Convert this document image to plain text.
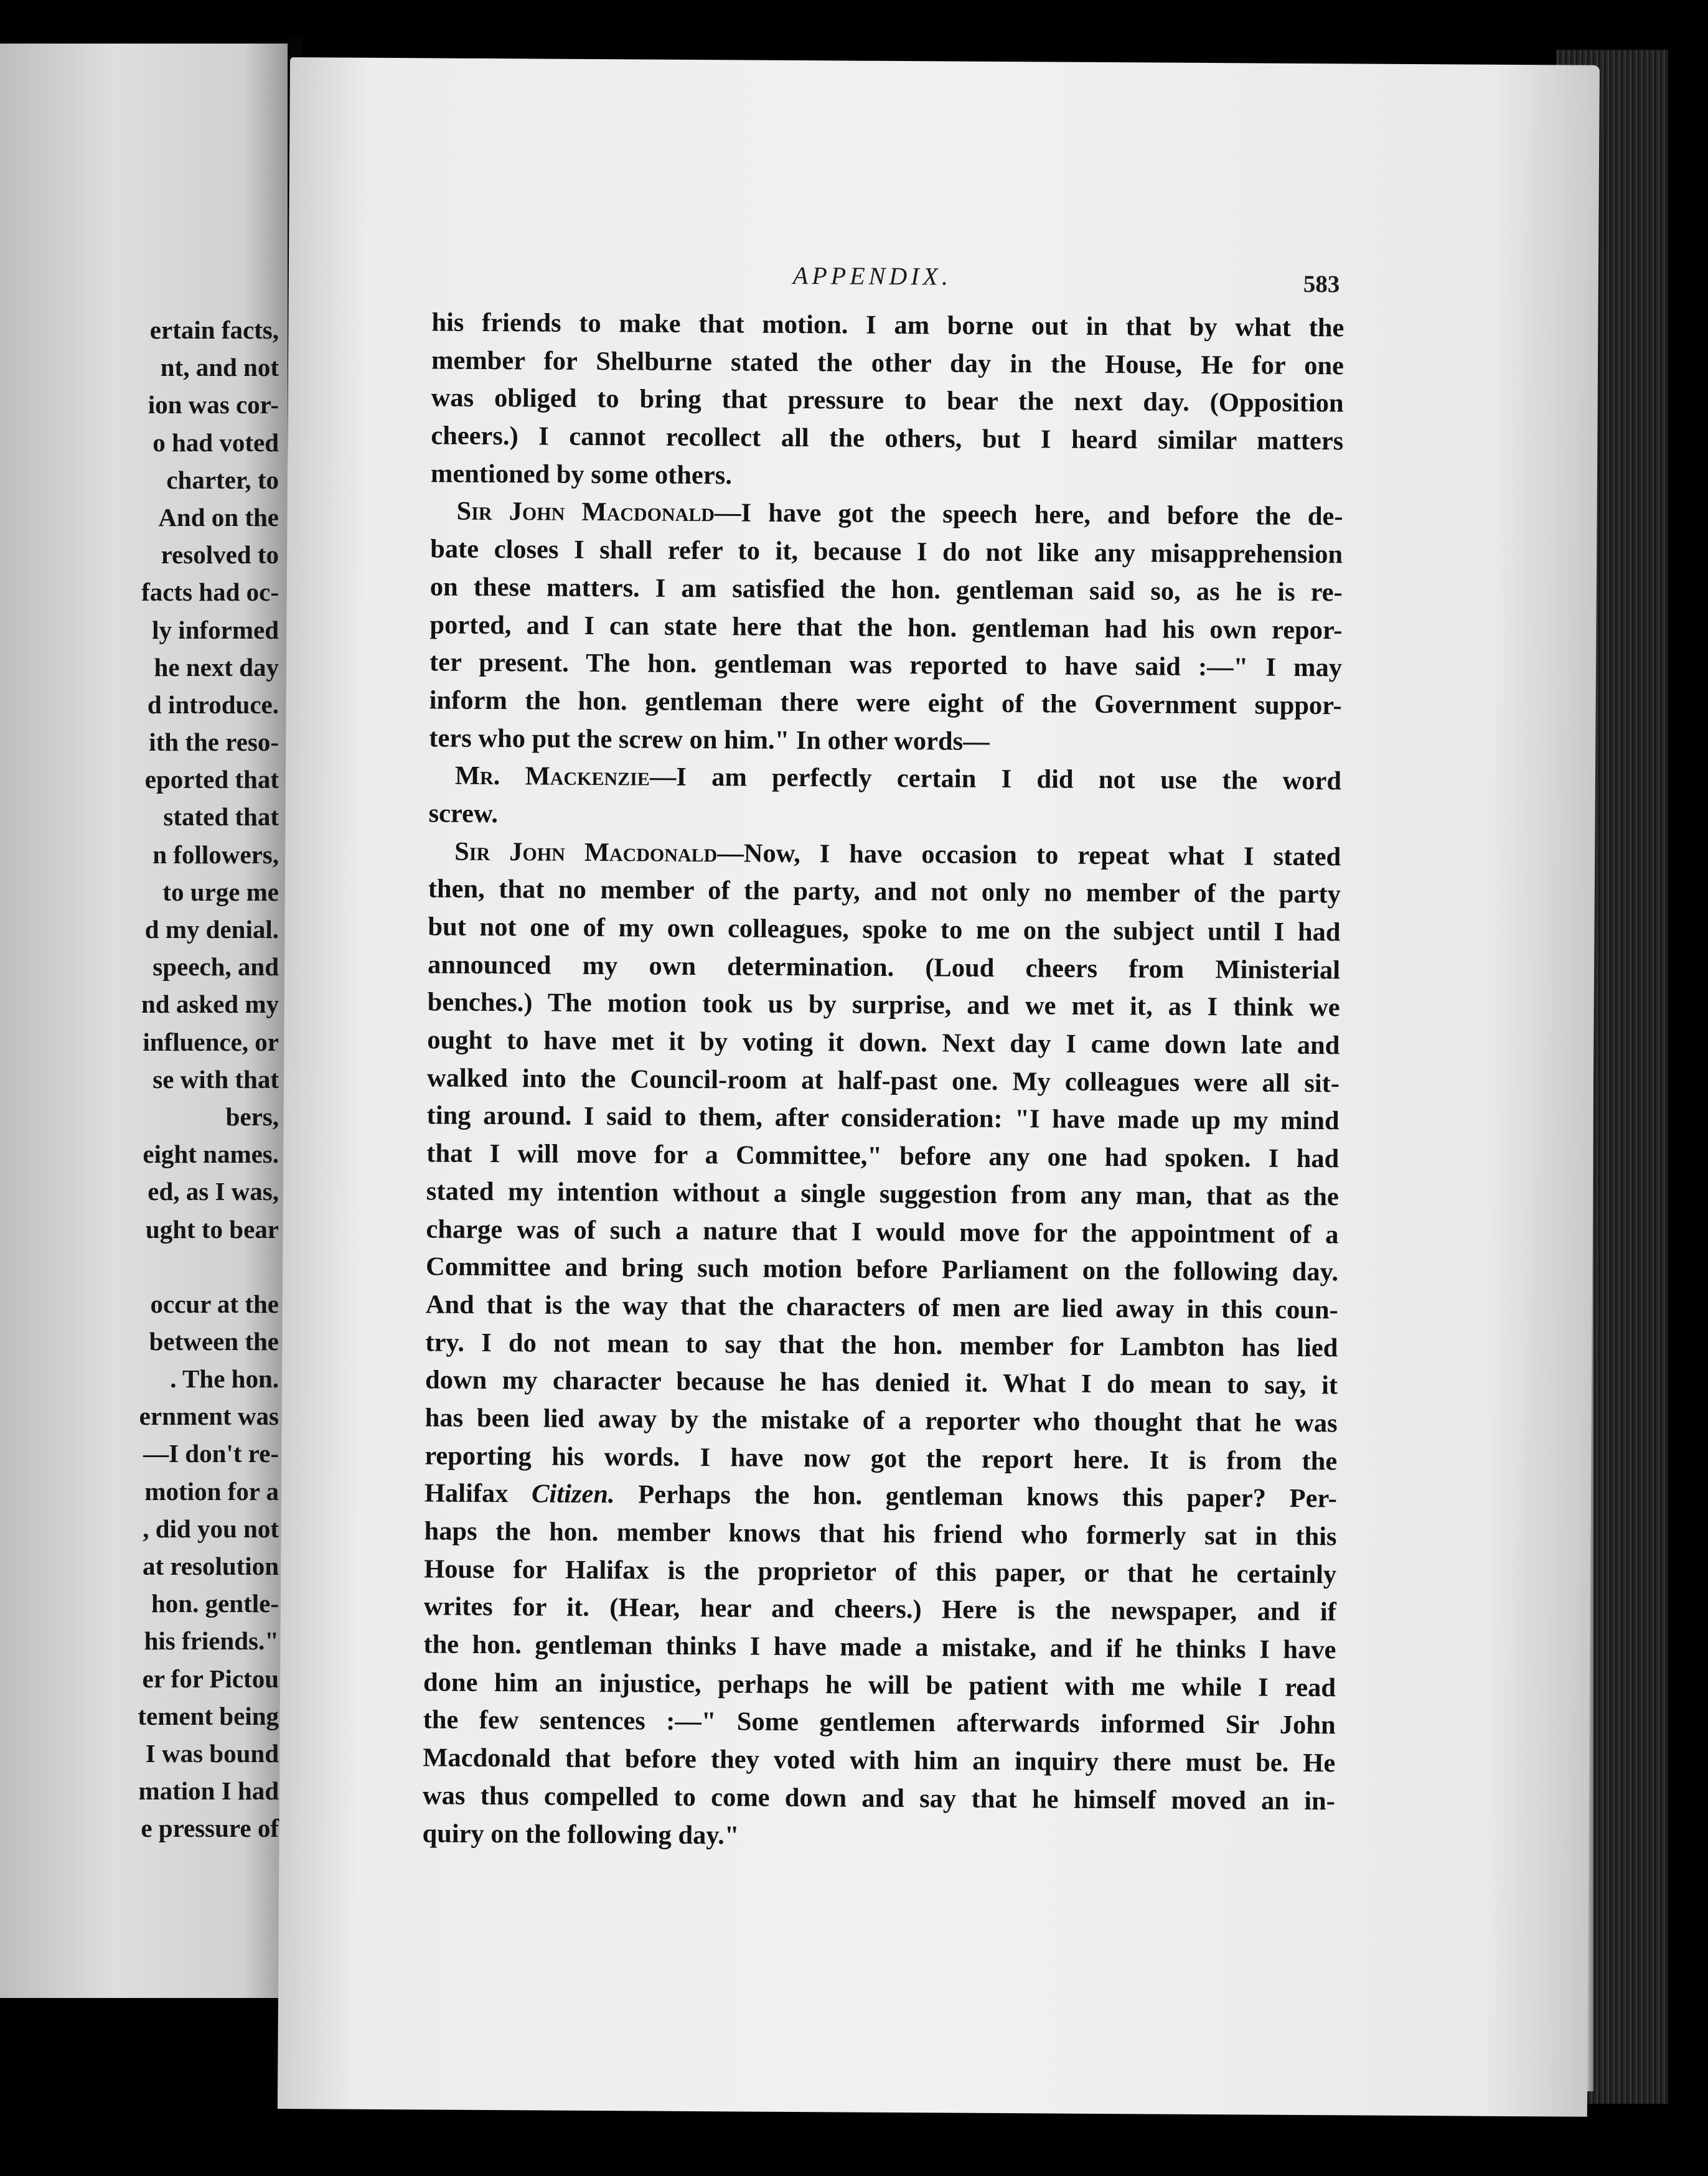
ertain facts,
nt, and not
ion was cor-
o had voted
charter, to
And on the
resolved to
facts had oc-
ly informed
he next day
d introduce.
ith the reso-
eported that
stated that
n followers,
to urge me
d my denial.
speech, and
nd asked my
influence, or
se with that
bers,
eight names.
ed, as I was,
ught to bear
occur at the
between the
. The hon.
ernment was
—I don't re-
motion for a
, did you not
at resolution
hon. gentle-
his friends."
er for Pictou
tement being
I was bound
mation I had
e pressure of
APPENDIX.	583
his friends to make that motion. I am borne out in that by what the
member for Shelburne stated the other day in the House, He for one
was obliged to bring that pressure to bear the next day. (Opposition
cheers.) I cannot recollect all the others, but I heard similar matters
mentioned by some others.
Sir John Macdonald—I have got the speech here, and before the de-
bate closes I shall refer to it, because I do not like any misapprehension
on these matters. I am satisfied the hon. gentleman said so, as he is re-
ported, and I can state here that the hon. gentleman had his own repor-
ter present. The hon. gentleman was reported to have said :—" I may
inform the hon. gentleman there were eight of the Government suppor-
ters who put the screw on him." In other words—
Mr. Mackenzie—I am perfectly certain I did not use the word
screw.
Sir John Macdonald—Now, I have occasion to repeat what I stated
then, that no member of the party, and not only no member of the party
but not one of my own colleagues, spoke to me on the subject until I had
announced my own determination. (Loud cheers from Ministerial
benches.) The motion took us by surprise, and we met it, as I think we
ought to have met it by voting it down. Next day I came down late and
walked into the Council-room at half-past one. My colleagues were all sit-
ting around. I said to them, after consideration: "I have made up my mind
that I will move for a Committee," before any one had spoken. I had
stated my intention without a single suggestion from any man, that as the
charge was of such a nature that I would move for the appointment of a
Committee and bring such motion before Parliament on the following day.
And that is the way that the characters of men are lied away in this coun-
try. I do not mean to say that the hon. member for Lambton has lied
down my character because he has denied it. What I do mean to say, it
has been lied away by the mistake of a reporter who thought that he was
reporting his words. I have now got the report here. It is from the
Halifax Citizen. Perhaps the hon. gentleman knows this paper? Per-
haps the hon. member knows that his friend who formerly sat in this
House for Halifax is the proprietor of this paper, or that he certainly
writes for it. (Hear, hear and cheers.) Here is the newspaper, and if
the hon. gentleman thinks I have made a mistake, and if he thinks I have
done him an injustice, perhaps he will be patient with me while I read
the few sentences :—" Some gentlemen afterwards informed Sir John
Macdonald that before they voted with him an inquiry there must be. He
was thus compelled to come down and say that he himself moved an in-
quiry on the following day."
